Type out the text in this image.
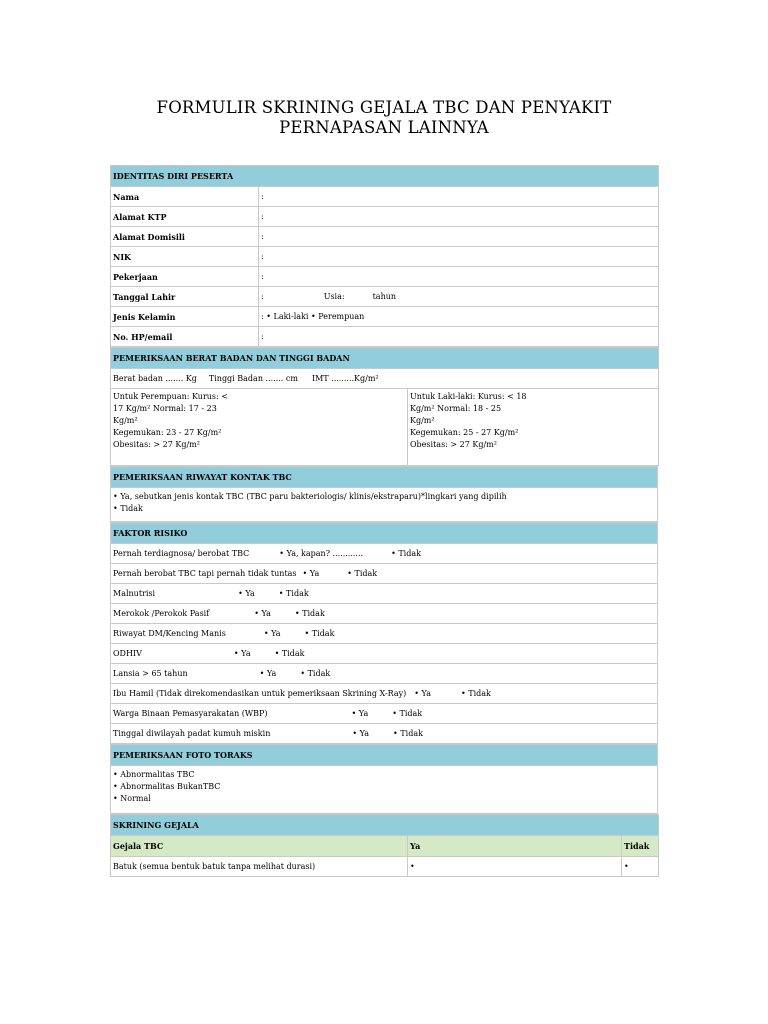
FORMULIR SKRINING GEJALA TBC DAN PENYAKIT
PERNAPASAN LAINNYA
IDENTITAS DIRI PESERTA	
Nama	:
Alamat KTP	:
Alamat Domisili	:
NIK	:
Pekerjaan	:
Tanggal Lahir	: Usia: tahun
Jenis Kelamin	: • Laki-laki • Perempuan
No. HP/email	:
PEMERIKSAAN BERAT BADAN DAN TINGGI BADAN
Berat badan ....... Kg Tinggi Badan ....... cm IMT .........Kg/m²

Untuk Perempuan: Kurus: <
17 Kg/m² Normal: 17 - 23
Kg/m²
Kegemukan: 23 - 27 Kg/m²
Obesitas: > 27 Kg/m²

Untuk Laki-laki: Kurus: < 18
Kg/m² Normal: 18 - 25
Kg/m²
Kegemukan: 25 - 27 Kg/m²
Obesitas: > 27 Kg/m²
PEMERIKSAAN RIWAYAT KONTAK TBC

• Ya, sebutkan jenis kontak TBC (TBC paru bakteriologis/ klinis/ekstraparu)*lingkari yang dipilih
• Tidak
FAKTOR RISIKO
Pernah terdiagnosa/ berobat TBC	• Ya, kapan? ............	• Tidak
Pernah berobat TBC tapi pernah tidak tuntas • Ya	• Tidak
Malnutrisi	• Ya	• Tidak
Merokok /Perokok Pasif	• Ya	• Tidak
Riwayat DM/Kencing Manis	• Ya	• Tidak
ODHIV	• Ya	• Tidak
Lansia > 65 tahun	• Ya	• Tidak
Ibu Hamil (Tidak direkomendasikan untuk pemeriksaan Skrining X-Ray) • Ya	• Tidak
Warga Binaan Pemasyarakatan (WBP)	• Ya	• Tidak
Tinggal diwilayah padat kumuh miskin	• Ya	• Tidak
PEMERIKSAAN FOTO TORAKS

• Abnormalitas TBC
• Abnormalitas BukanTBC
• Normal
SKRINING GEJALA		
Gejala TBC	Ya	Tidak
Batuk (semua bentuk batuk tanpa melihat durasi)	•	•
